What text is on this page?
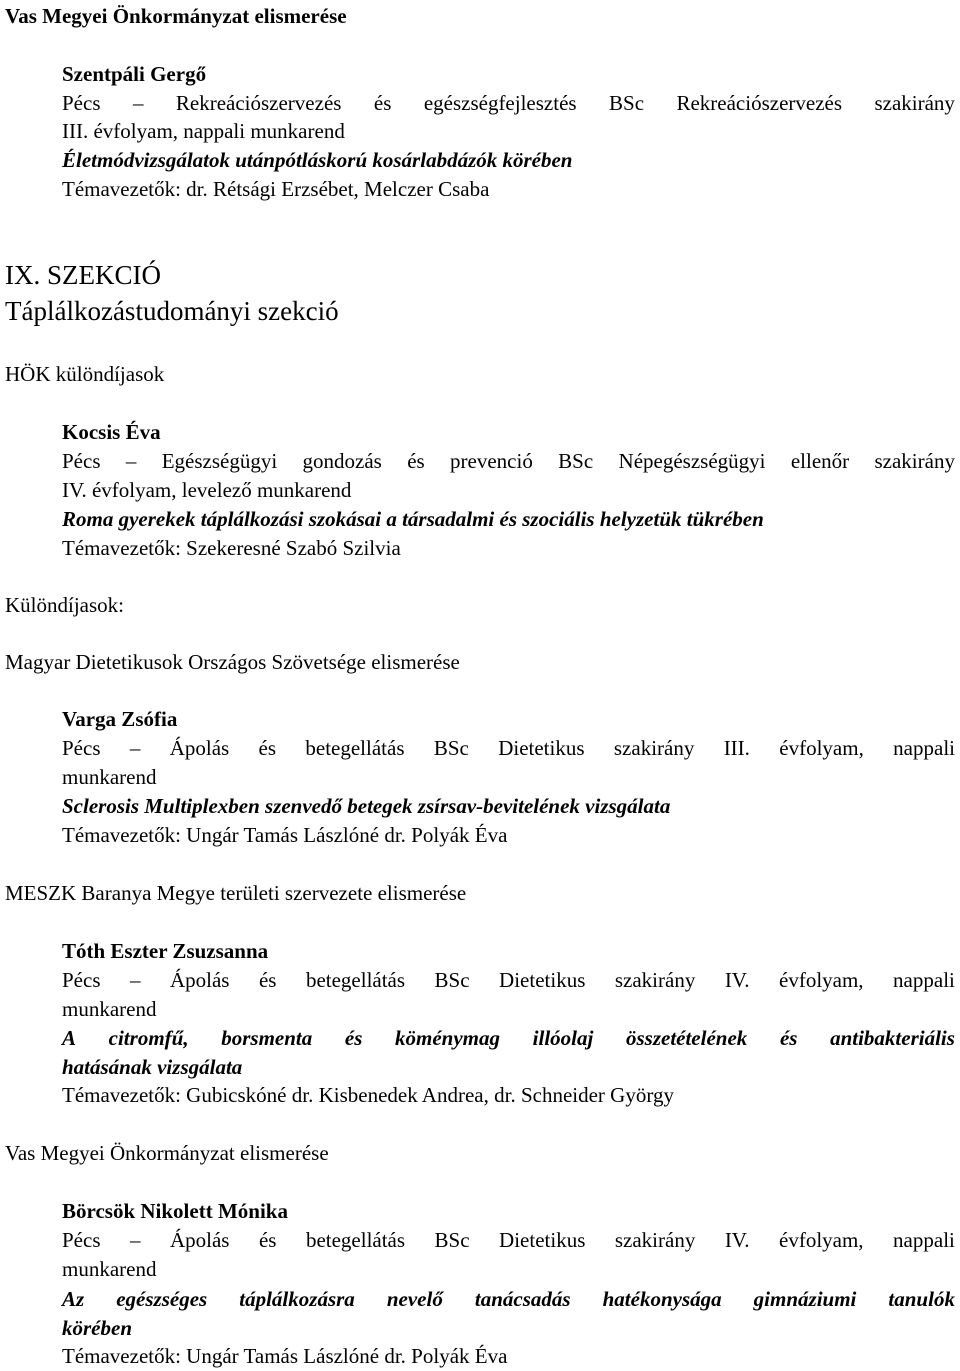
Vas Megyei Önkormányzat elismerése
Szentpáli Gergő
Pécs – Rekreációszervezés és egészségfejlesztés BSc Rekreációszervezés szakirány
III. évfolyam, nappali munkarend
Életmódvizsgálatok utánpótláskorú kosárlabdázók körében
Témavezetők: dr. Rétsági Erzsébet, Melczer Csaba
IX. SZEKCIÓ
Táplálkozástudományi szekció
HÖK különdíjasok
Kocsis Éva
Pécs – Egészségügyi gondozás és prevenció BSc Népegészségügyi ellenőr szakirány
IV. évfolyam, levelező munkarend
Roma gyerekek táplálkozási szokásai a társadalmi és szociális helyzetük tükrében
Témavezetők: Szekeresné Szabó Szilvia
Különdíjasok:
Magyar Dietetikusok Országos Szövetsége elismerése
Varga Zsófia
Pécs – Ápolás és betegellátás BSc Dietetikus szakirány III. évfolyam, nappali
munkarend
Sclerosis Multiplexben szenvedő betegek zsírsav-bevitelének vizsgálata
Témavezetők: Ungár Tamás Lászlóné dr. Polyák Éva
MESZK Baranya Megye területi szervezete elismerése
Tóth Eszter Zsuzsanna
Pécs – Ápolás és betegellátás BSc Dietetikus szakirány IV. évfolyam, nappali
munkarend
A citromfű, borsmenta és köménymag illóolaj összetételének és antibakteriális
hatásának vizsgálata
Témavezetők: Gubicskóné dr. Kisbenedek Andrea, dr. Schneider György
Vas Megyei Önkormányzat elismerése
Börcsök Nikolett Mónika
Pécs – Ápolás és betegellátás BSc Dietetikus szakirány IV. évfolyam, nappali
munkarend
Az egészséges táplálkozásra nevelő tanácsadás hatékonysága gimnáziumi tanulók
körében
Témavezetők: Ungár Tamás Lászlóné dr. Polyák Éva
